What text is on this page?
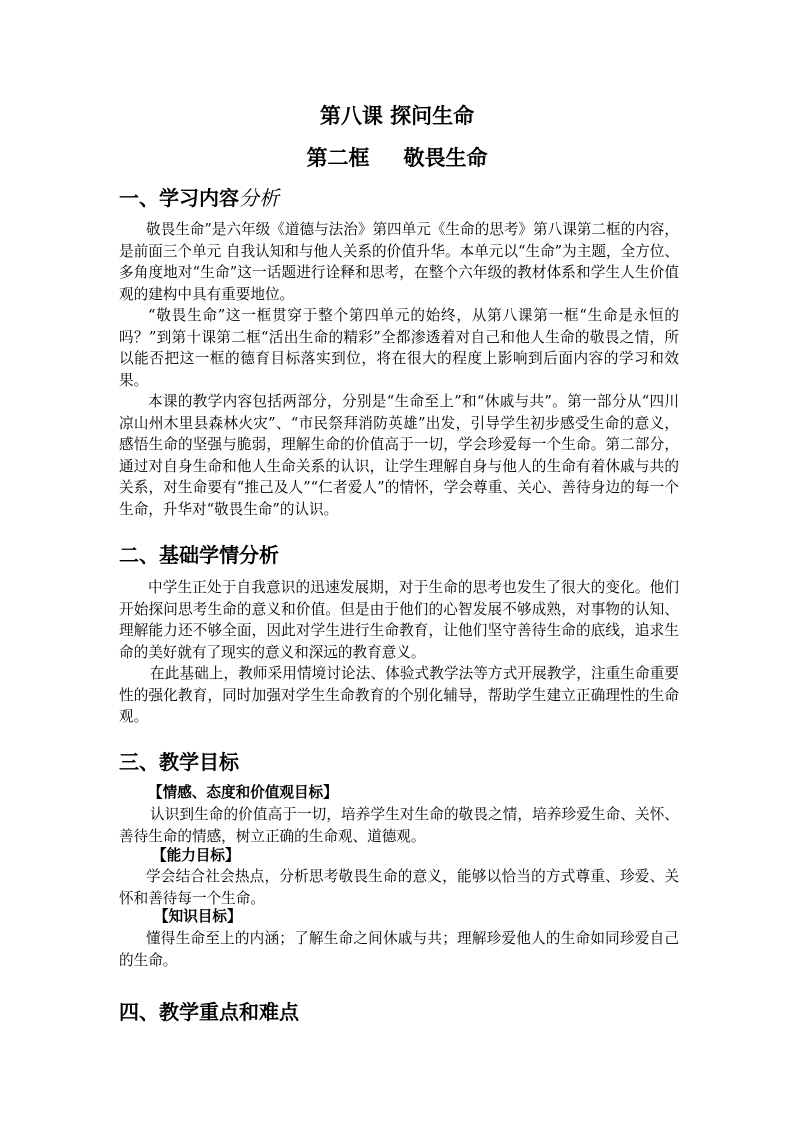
第八课 探问生命
第二框 敬畏生命
一、学习内容分析

敬畏生命”是六年级《道德与法治》第四单元《生命的思考》第八课第二框的内容，是前面三个单元 自我认知和与他人关系的价值升华。本单元以“生命”为主题，全方位、多角度地对“生命”这一话题进行诠释和思考，在整个六年级的教材体系和学生人生价值观的建构中具有重要地位。

“敬畏生命”这一框贯穿于整个第四单元的始终，从第八课第一框“生命是永恒的吗？”到第十课第二框“活出生命的精彩”全都渗透着对自己和他人生命的敬畏之情，所以能否把这一框的德育目标落实到位，将在很大的程度上影响到后面内容的学习和效果。

本课的教学内容包括两部分，分别是“生命至上”和“休戚与共”。第一部分从“四川凉山州木里县森林火灾”、“市民祭拜消防英雄”出发，引导学生初步感受生命的意义，感悟生命的坚强与脆弱，理解生命的价值高于一切，学会珍爱每一个生命。第二部分，通过对自身生命和他人生命关系的认识，让学生理解自身与他人的生命有着休戚与共的关系，对生命要有“推己及人”“仁者爱人”的情怀，学会尊重、关心、善待身边的每一个生命，升华对“敬畏生命”的认识。

二、基础学情分析

中学生正处于自我意识的迅速发展期，对于生命的思考也发生了很大的变化。他们开始探问思考生命的意义和价值。但是由于他们的心智发展不够成熟，对事物的认知、理解能力还不够全面，因此对学生进行生命教育，让他们坚守善待生命的底线，追求生命的美好就有了现实的意义和深远的教育意义。

在此基础上，教师采用情境讨论法、体验式教学法等方式开展教学，注重生命重要性的强化教育，同时加强对学生生命教育的个别化辅导，帮助学生建立正确理性的生命观。

三、教学目标
【情感、态度和价值观目标】

认识到生命的价值高于一切，培养学生对生命的敬畏之情，培养珍爱生命、关怀、善待生命的情感，树立正确的生命观、道德观。

【能力目标】

学会结合社会热点，分析思考敬畏生命的意义，能够以恰当的方式尊重、珍爱、关怀和善待每一个生命。

【知识目标】

懂得生命至上的内涵；了解生命之间休戚与共；理解珍爱他人的生命如同珍爱自己的生命。

四、教学重点和难点
